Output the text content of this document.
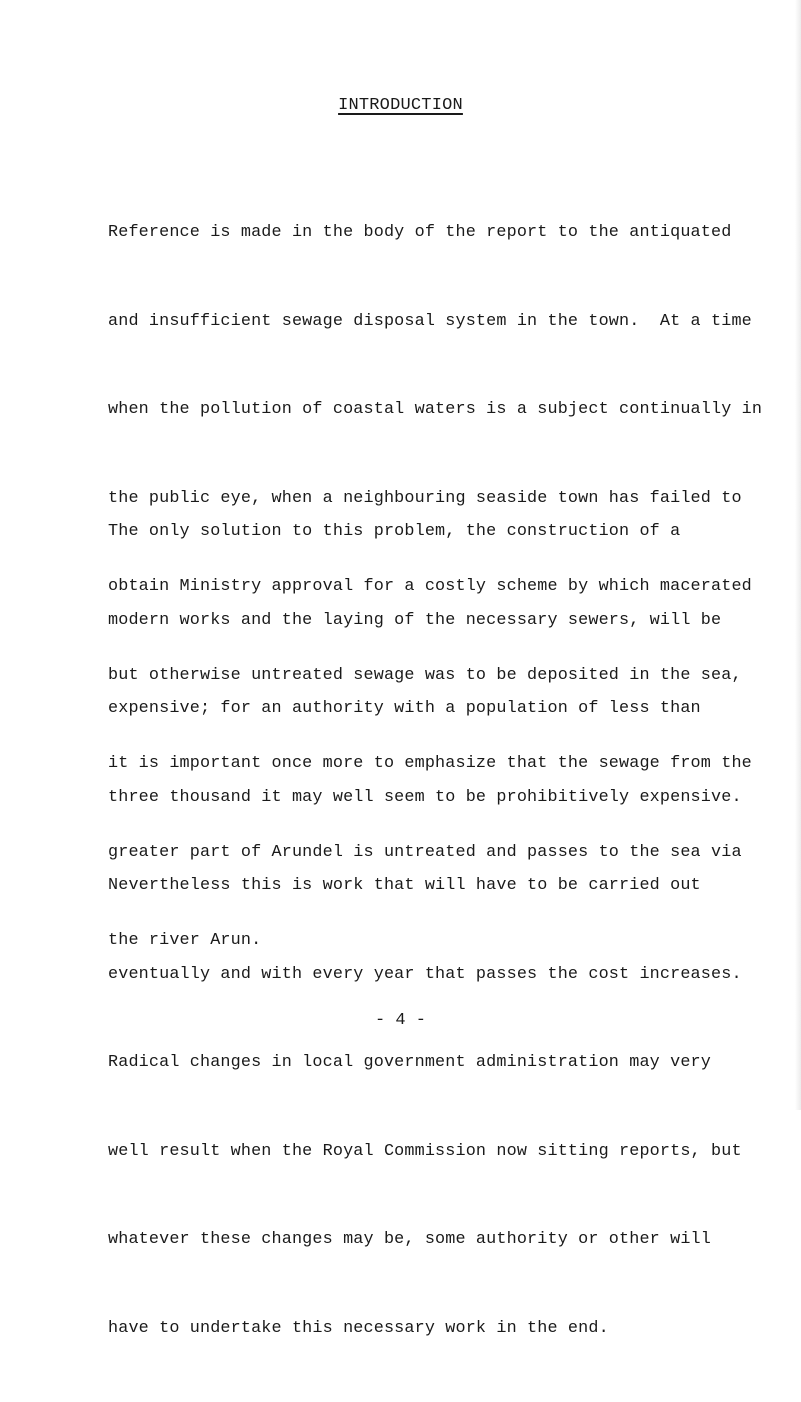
INTRODUCTION

Reference is made in the body of the report to the antiquated

and insufficient sewage disposal system in the town.  At a time

when the pollution of coastal waters is a subject continually in

the public eye, when a neighbouring seaside town has failed to

obtain Ministry approval for a costly scheme by which macerated

but otherwise untreated sewage was to be deposited in the sea,

it is important once more to emphasize that the sewage from the

greater part of Arundel is untreated and passes to the sea via

the river Arun.

The only solution to this problem, the construction of a

modern works and the laying of the necessary sewers, will be

expensive; for an authority with a population of less than

three thousand it may well seem to be prohibitively expensive.

Nevertheless this is work that will have to be carried out

eventually and with every year that passes the cost increases.

Radical changes in local government administration may very

well result when the Royal Commission now sitting reports, but

whatever these changes may be, some authority or other will

have to undertake this necessary work in the end.

- 4 -
